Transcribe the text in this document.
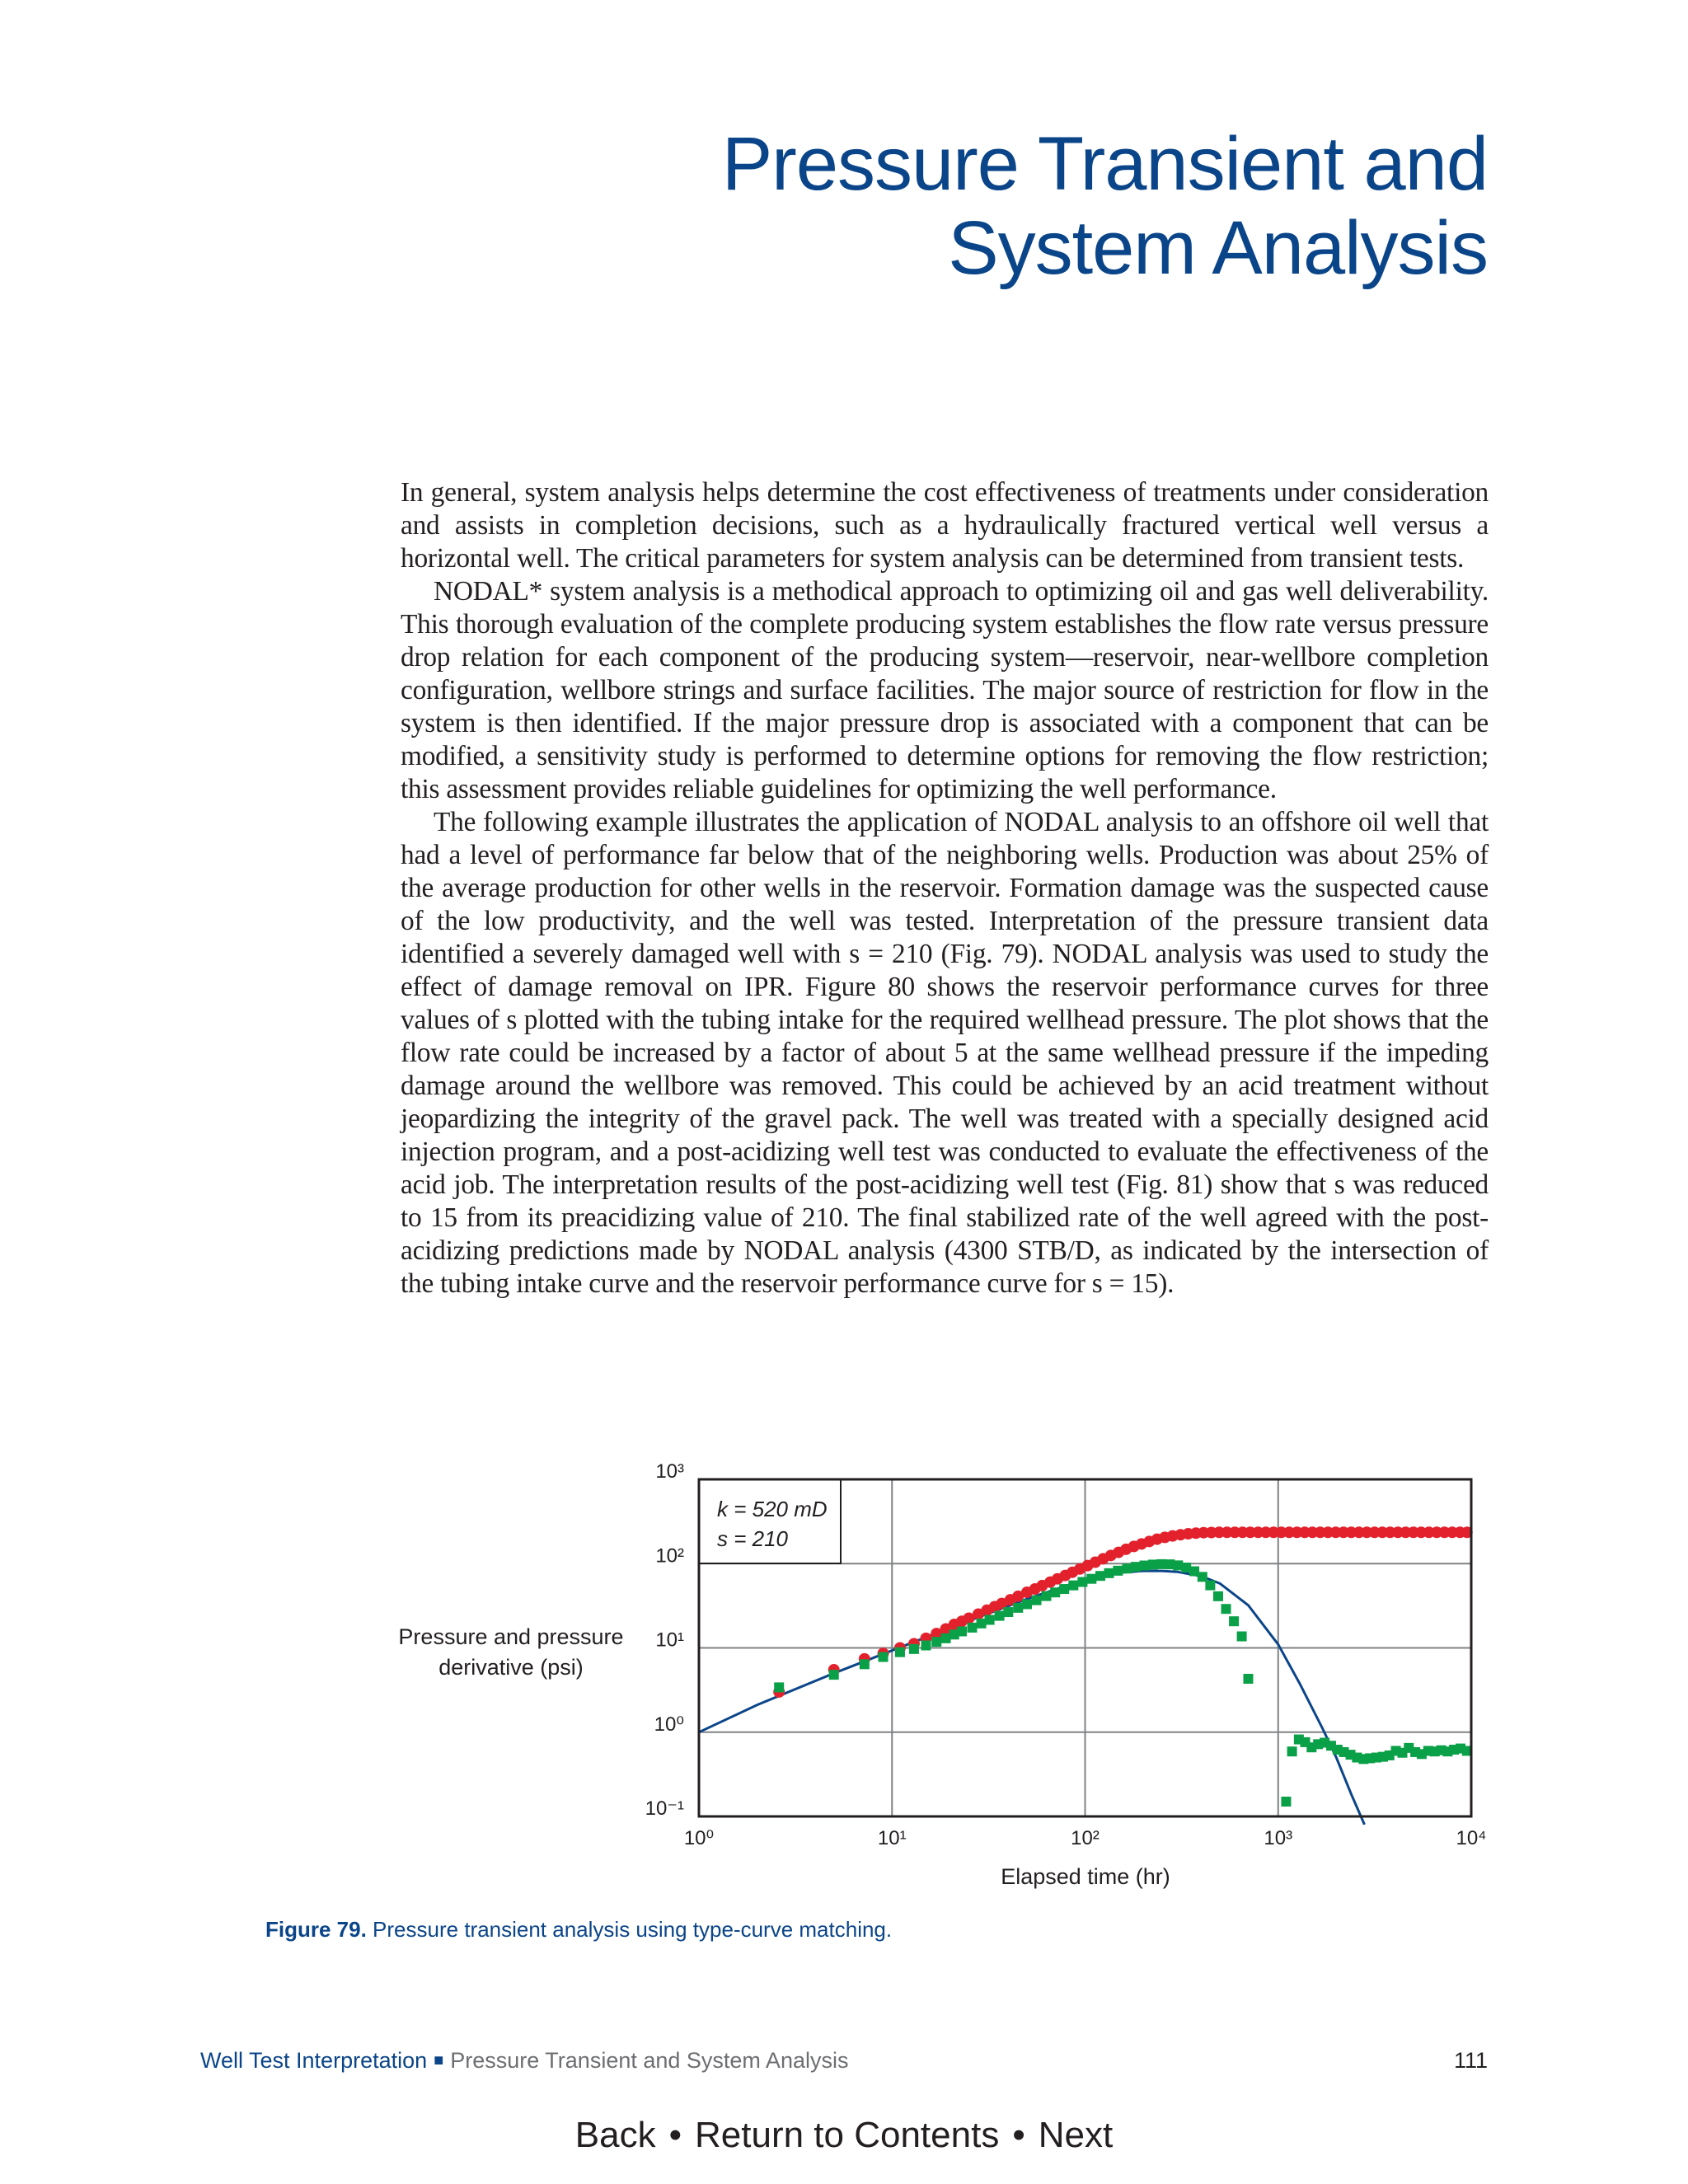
Pressure Transient and
System Analysis

In general, system analysis helps determine the cost effectiveness of treatments under consideration and assists in completion decisions, such as a hydraulically fractured vertical well versus a horizontal well. The critical parameters for system analysis can be determined from transient tests.

NODAL* system analysis is a methodical approach to optimizing oil and gas well deliverability. This thorough evaluation of the complete producing system establishes the flow rate versus pressure drop relation for each component of the producing system—reservoir, near-wellbore completion configuration, wellbore strings and surface facilities. The major source of restriction for flow in the system is then identified. If the major pressure drop is associated with a component that can be modified, a sensitivity study is performed to determine options for removing the flow restriction; this assessment provides reliable guidelines for optimizing the well performance.

The following example illustrates the application of NODAL analysis to an offshore oil well that had a level of performance far below that of the neighboring wells. Production was about 25% of the average production for other wells in the reservoir. Formation damage was the suspected cause of the low productivity, and the well was tested. Interpretation of the pressure transient data identified a severely damaged well with s = 210 (Fig. 79). NODAL analysis was used to study the effect of damage removal on IPR. Figure 80 shows the reservoir performance curves for three values of s plotted with the tubing intake for the required wellhead pressure. The plot shows that the flow rate could be increased by a factor of about 5 at the same wellhead pressure if the impeding damage around the wellbore was removed. This could be achieved by an acid treatment without jeopardizing the integrity of the gravel pack. The well was treated with a specially designed acid injection program, and a post-acidizing well test was conducted to evaluate the effectiveness of the acid job. The interpretation results of the post-acidizing well test (Fig. 81) show that s was reduced to 15 from its preacidizing value of 210. The final stabilized rate of the well agreed with the post-acidizing predictions made by NODAL analysis (4300 STB/D, as indicated by the intersection of the tubing intake curve and the reservoir performance curve for s = 15).

k = 520 mD
s = 210
10⁰	10¹	10²	10³	10⁴
10⁻¹
10⁰
10¹
10²
10³
Pressure and pressure derivative (psi)
Elapsed time (hr)
Figure 79. Pressure transient analysis using type-curve matching.
Well Test Interpretation ■ Pressure Transient and System Analysis	111
Back • Return to Contents • Next
